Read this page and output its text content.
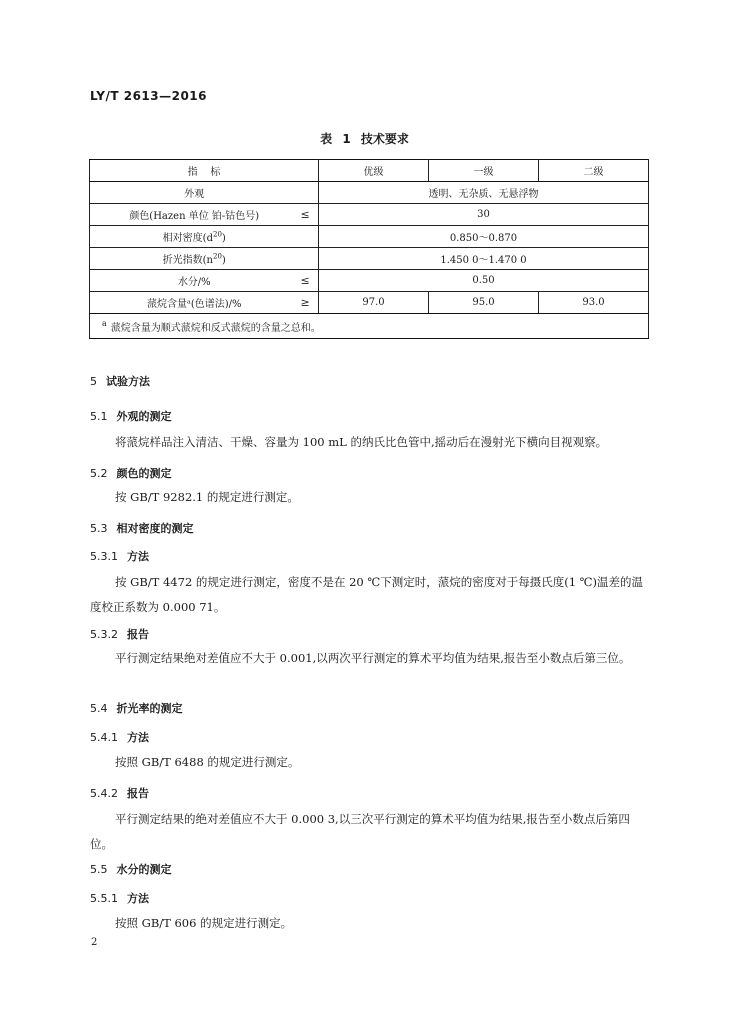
LY/T 2613—2016
表 1 技术要求
指    标		优级	一级	二级
外观		透明、无杂质、无悬浮物		
颜色(Hazen 单位 铂-钴色号)	≤	30		
相对密度$(d^{20})$		0.850～0.870		
折光指数$(n^{20})$		1.450 0～1.470 0		
水分/%	≤	0.50		
蒎烷含量ᵃ(色谱法)/%	≥	97.0	95.0	93.0
$^a$ 蒎烷含量为顺式蒎烷和反式蒎烷的含量之总和。				
5 试验方法
5.1 外观的测定
将蒎烷样品注入清洁、干燥、容量为 100 mL 的纳氏比色管中,摇动后在漫射光下横向目视观察。
5.2 颜色的测定
按 GB/T 9282.1 的规定进行测定。
5.3 相对密度的测定
5.3.1 方法
按 GB/T 4472 的规定进行测定，密度不是在 20 ℃下测定时，蒎烷的密度对于每摄氏度(1 ℃)温差的温度校正系数为 0.000 71。
5.3.2 报告
平行测定结果绝对差值应不大于 0.001,以两次平行测定的算术平均值为结果,报告至小数点后第三位。
5.4 折光率的测定
5.4.1 方法
按照 GB/T 6488 的规定进行测定。
5.4.2 报告
平行测定结果的绝对差值应不大于 0.000 3,以三次平行测定的算术平均值为结果,报告至小数点后第四位。
5.5 水分的测定
5.5.1 方法
按照 GB/T 606 的规定进行测定。
2
